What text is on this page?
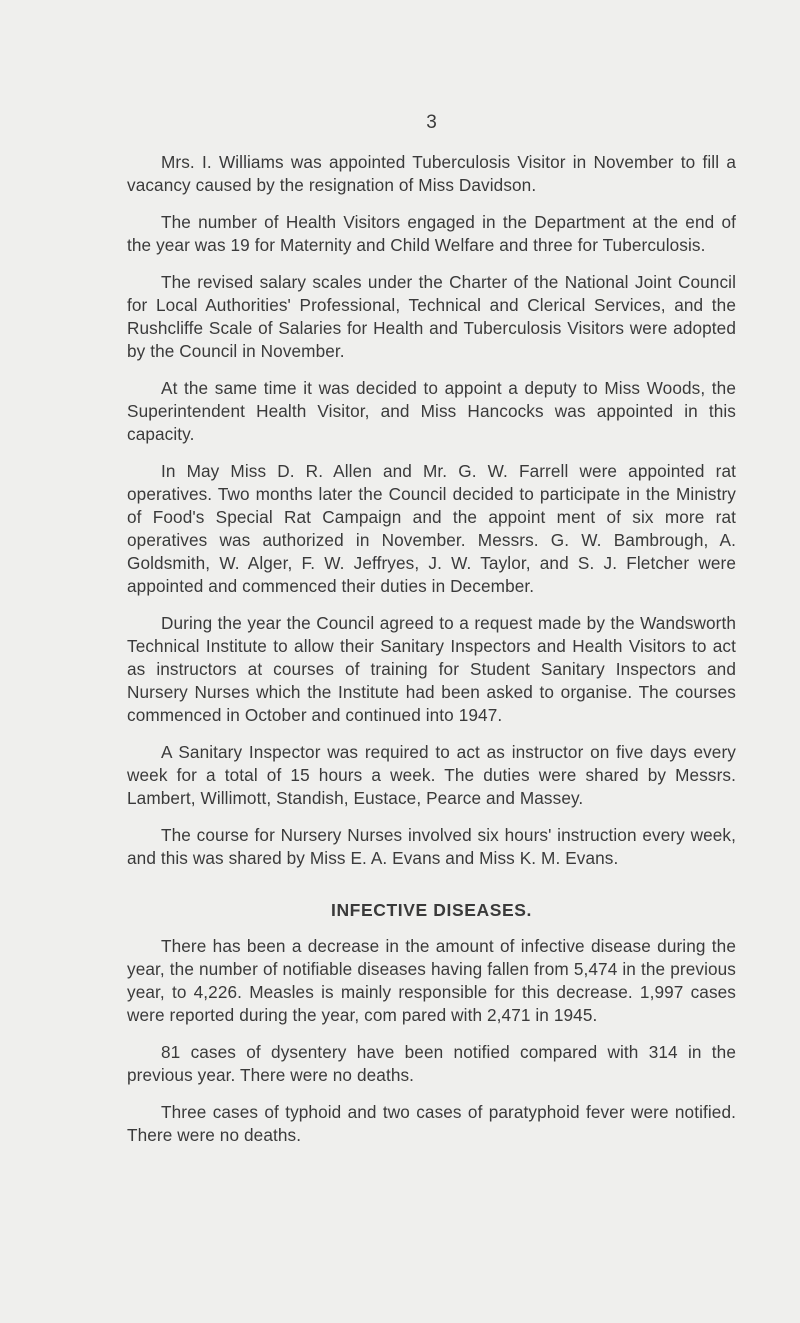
3

Mrs. I. Williams was appointed Tuberculosis Visitor in November to fill a vacancy caused by the resignation of Miss Davidson.

The number of Health Visitors engaged in the Department at the end of the year was 19 for Maternity and Child Welfare and three for Tuberculosis.

The revised salary scales under the Charter of the National Joint Council for Local Authorities' Professional, Technical and Clerical Services, and the Rushcliffe Scale of Salaries for Health and Tuberculosis Visitors were adopted by the Council in November.

At the same time it was decided to appoint a deputy to Miss Woods, the Superintendent Health Visitor, and Miss Hancocks was appointed in this capacity.

In May Miss D. R. Allen and Mr. G. W. Farrell were appointed rat operatives. Two months later the Council decided to participate in the Ministry of Food's Special Rat Campaign and the appoint ment of six more rat operatives was authorized in November. Messrs. G. W. Bambrough, A. Goldsmith, W. Alger, F. W. Jeffryes, J. W. Taylor, and S. J. Fletcher were appointed and commenced their duties in December.

During the year the Council agreed to a request made by the Wandsworth Technical Institute to allow their Sanitary Inspectors and Health Visitors to act as instructors at courses of training for Student Sanitary Inspectors and Nursery Nurses which the Institute had been asked to organise. The courses commenced in October and continued into 1947.

A Sanitary Inspector was required to act as instructor on five days every week for a total of 15 hours a week. The duties were shared by Messrs. Lambert, Willimott, Standish, Eustace, Pearce and Massey.

The course for Nursery Nurses involved six hours' instruction every week, and this was shared by Miss E. A. Evans and Miss K. M. Evans.

INFECTIVE DISEASES.

There has been a decrease in the amount of infective disease during the year, the number of notifiable diseases having fallen from 5,474 in the previous year, to 4,226. Measles is mainly responsible for this decrease. 1,997 cases were reported during the year, com pared with 2,471 in 1945.

81 cases of dysentery have been notified compared with 314 in the previous year. There were no deaths.

Three cases of typhoid and two cases of paratyphoid fever were notified. There were no deaths.
